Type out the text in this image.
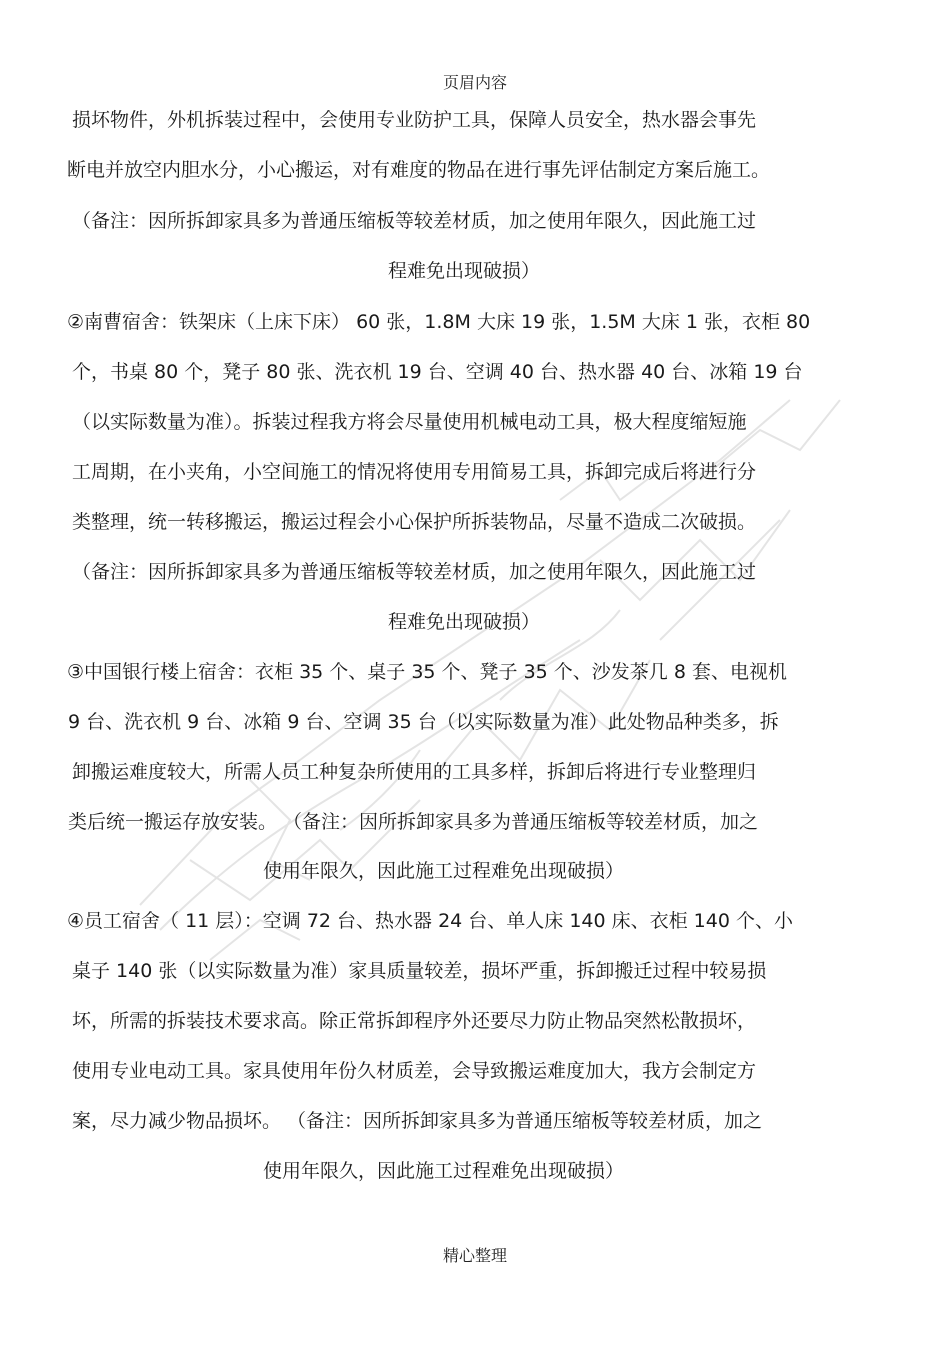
页眉内容
损坏物件，外机拆装过程中，会使用专业防护工具，保障人员安全，热水器会事先
断电并放空内胆水分，小心搬运，对有难度的物品在进行事先评估制定方案后施工。
（备注：因所拆卸家具多为普通压缩板等较差材质，加之使用年限久，因此施工过
程难免出现破损）
②南曹宿舍：铁架床（上床下床） 60 张，1.8M 大床 19 张，1.5M 大床 1 张，衣柜 80
个，书桌 80 个，凳子 80 张、洗衣机 19 台、空调 40 台、热水器 40 台、冰箱 19 台
（以实际数量为准）。拆装过程我方将会尽量使用机械电动工具，极大程度缩短施
工周期，在小夹角，小空间施工的情况将使用专用简易工具，拆卸完成后将进行分
类整理，统一转移搬运，搬运过程会小心保护所拆装物品，尽量不造成二次破损。
（备注：因所拆卸家具多为普通压缩板等较差材质，加之使用年限久，因此施工过
程难免出现破损）
③中国银行楼上宿舍：衣柜 35 个、桌子 35 个、凳子 35 个、沙发茶几 8 套、电视机
9 台、洗衣机 9 台、冰箱 9 台、空调 35 台（以实际数量为准）此处物品种类多，拆
卸搬运难度较大，所需人员工种复杂所使用的工具多样，拆卸后将进行专业整理归
类后统一搬运存放安装。 （备注：因所拆卸家具多为普通压缩板等较差材质，加之
使用年限久，因此施工过程难免出现破损）
④员工宿舍（ 11 层）：空调 72 台、热水器 24 台、单人床 140 床、衣柜 140 个、小
桌子 140 张（以实际数量为准）家具质量较差，损坏严重，拆卸搬迁过程中较易损
坏，所需的拆装技术要求高。除正常拆卸程序外还要尽力防止物品突然松散损坏，
使用专业电动工具。家具使用年份久材质差，会导致搬运难度加大，我方会制定方
案，尽力减少物品损坏。 （备注：因所拆卸家具多为普通压缩板等较差材质，加之
使用年限久，因此施工过程难免出现破损）
精心整理
